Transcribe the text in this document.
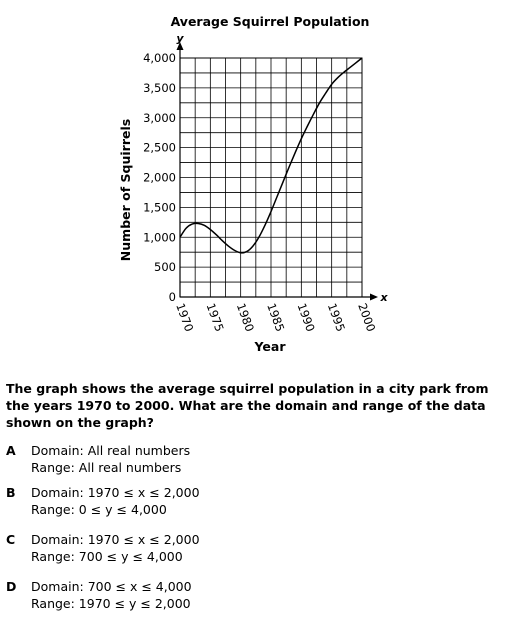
Average Squirrel Population
y
x
500
1,000
1,500
2,000
2,500
3,000
3,500
4,000
0
1970 1975 1980 1985 1990 1995 2000
Year
Number of Squirrels
The graph shows the average squirrel population in a city park from the years 1970 to 2000. What are the domain and range of the data shown on the graph?
A	Domain: All real numbers
Range: All real numbers
B	Domain: 1970 ≤ x ≤ 2,000
Range: 0 ≤ y ≤ 4,000
C	Domain: 1970 ≤ x ≤ 2,000
Range: 700 ≤ y ≤ 4,000
D	Domain: 700 ≤ x ≤ 4,000
Range: 1970 ≤ y ≤ 2,000
